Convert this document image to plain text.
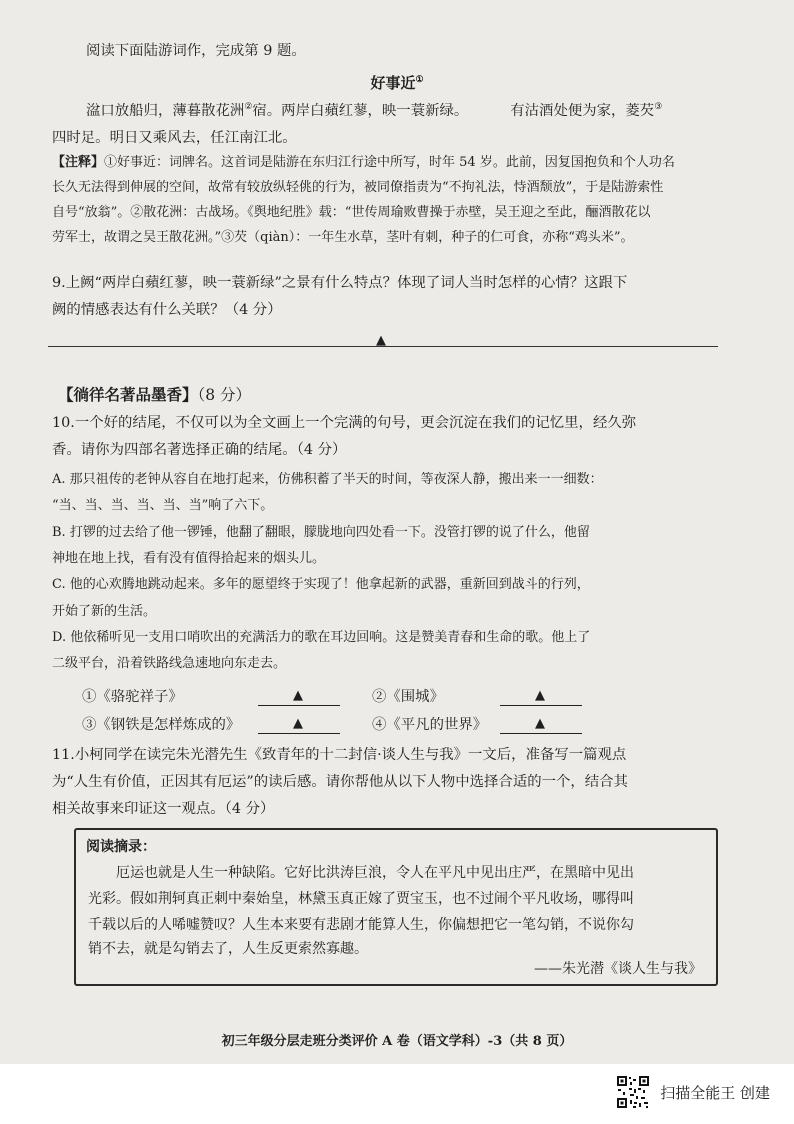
阅读下面陆游词作，完成第 9 题。

好事近①

湓口放船归，薄暮散花洲②宿。两岸白蘋红蓼，映一蓑新绿。	有沽酒处便为家，菱芡③

四时足。明日又乘风去，任江南江北。

【注释】①好事近：词牌名。这首词是陆游在东归江行途中所写，时年 54 岁。此前，因复国抱负和个人功名

长久无法得到伸展的空间，故常有较放纵轻佻的行为，被同僚指责为“不拘礼法，恃酒颓放”，于是陆游索性

自号“放翁”。②散花洲：古战场。《舆地纪胜》载：“世传周瑜败曹操于赤壁，吴王迎之至此，酾酒散花以

劳军士，故谓之吴王散花洲。”③芡（qiàn）：一年生水草，茎叶有刺，种子的仁可食，亦称“鸡头米”。

9.上阙“两岸白蘋红蓼，映一蓑新绿”之景有什么特点？体现了词人当时怎样的心情？这跟下

阙的情感表达有什么关联？（4 分）

▲
【徜徉名著品墨香】（8 分）

10.一个好的结尾，不仅可以为全文画上一个完满的句号，更会沉淀在我们的记忆里，经久弥

香。请你为四部名著选择正确的结尾。（4 分）

A. 那只祖传的老钟从容自在地打起来，仿佛积蓄了半天的时间，等夜深人静，搬出来一一细数：

“当、当、当、当、当、当”响了六下。

B. 打锣的过去给了他一锣锤，他翻了翻眼，朦胧地向四处看一下。没管打锣的说了什么，他留

神地在地上找，看有没有值得拾起来的烟头儿。

C. 他的心欢腾地跳动起来。多年的愿望终于实现了！他拿起新的武器，重新回到战斗的行列，

开始了新的生活。

D. 他依稀听见一支用口哨吹出的充满活力的歌在耳边回响。这是赞美青春和生命的歌。他上了

二级平台，沿着铁路线急速地向东走去。

①《骆驼祥子》	▲	②《围城》	▲

③《钢铁是怎样炼成的》	▲	④《平凡的世界》	▲

11.小柯同学在读完朱光潜先生《致青年的十二封信·谈人生与我》一文后，准备写一篇观点

为“人生有价值，正因其有厄运”的读后感。请你帮他从以下人物中选择合适的一个，结合其

相关故事来印证这一观点。（4 分）

阅读摘录：

厄运也就是人生一种缺陷。它好比洪涛巨浪，令人在平凡中见出庄严，在黑暗中见出

光彩。假如荆轲真正刺中秦始皇，林黛玉真正嫁了贾宝玉，也不过闹个平凡收场，哪得叫

千载以后的人唏嘘赞叹？人生本来要有悲剧才能算人生，你偏想把它一笔勾销，不说你勾

销不去，就是勾销去了，人生反更索然寡趣。

——朱光潜《谈人生与我》

初三年级分层走班分类评价 A 卷（语文学科）-3（共 8 页）
扫描全能王 创建
